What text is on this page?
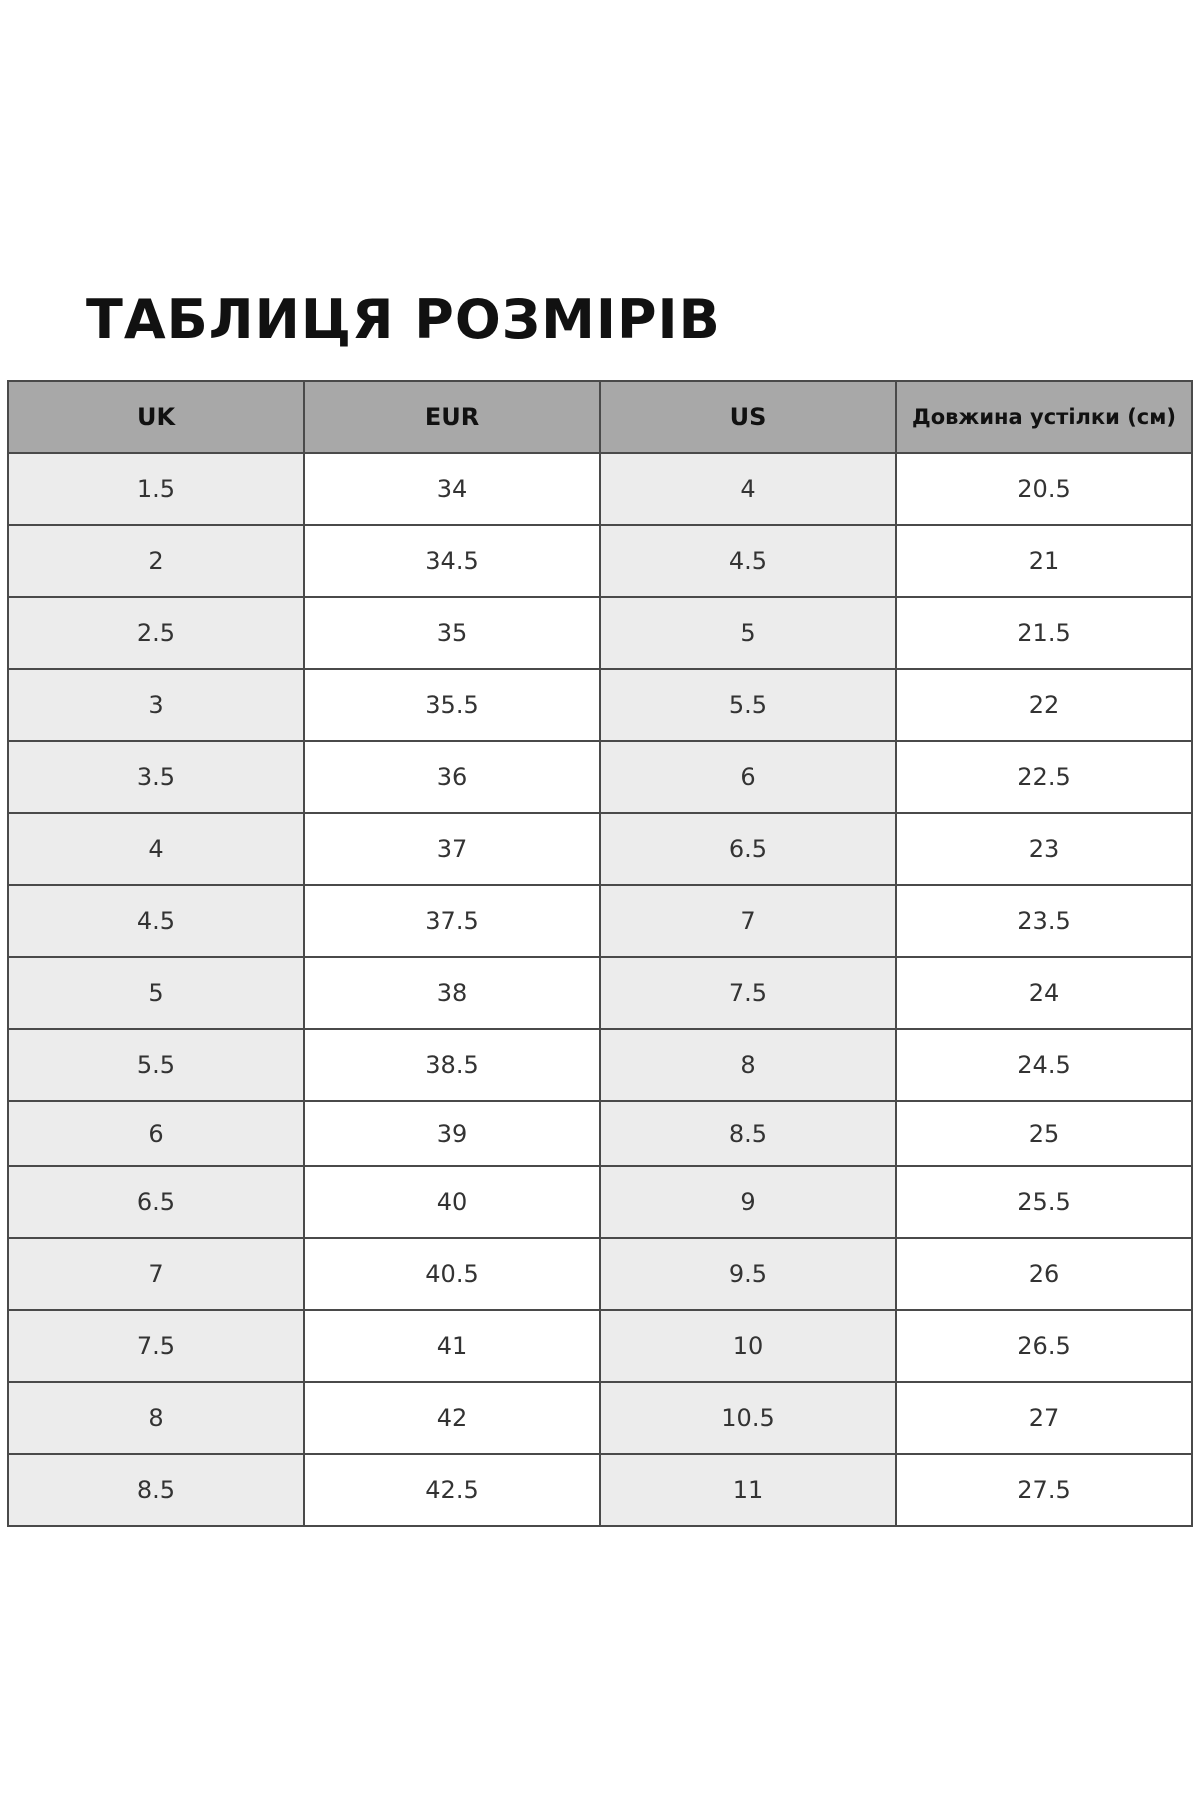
ТАБЛИЦЯ РОЗМІРІВ
UK	EUR	US	Довжина устілки (см)
1.5	34	4	20.5
2	34.5	4.5	21
2.5	35	5	21.5
3	35.5	5.5	22
3.5	36	6	22.5
4	37	6.5	23
4.5	37.5	7	23.5
5	38	7.5	24
5.5	38.5	8	24.5
6	39	8.5	25
6.5	40	9	25.5
7	40.5	9.5	26
7.5	41	10	26.5
8	42	10.5	27
8.5	42.5	11	27.5
